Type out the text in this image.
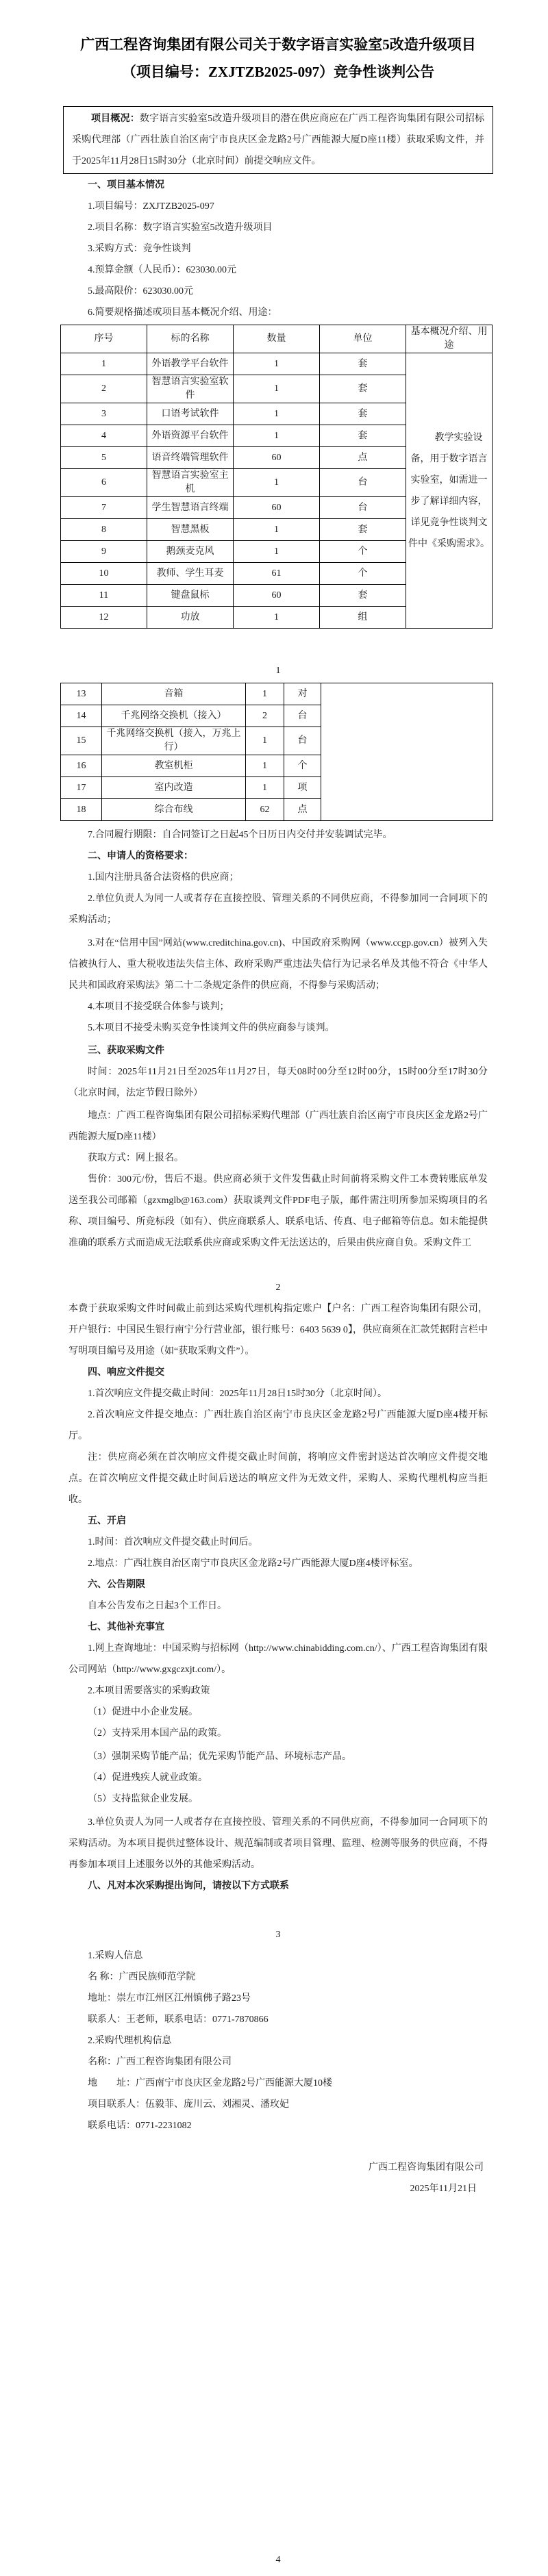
广西工程咨询集团有限公司关于数字语言实验室5改造升级项目
（项目编号：ZXJTZB2025-097）竞争性谈判公告
项目概况：数字语言实验室5改造升级项目的潜在供应商应在广西工程咨询集团有限公司招标采购代理部（广西壮族自治区南宁市良庆区金龙路2号广西能源大厦D座11楼）获取采购文件，并于2025年11月28日15时30分（北京时间）前提交响应文件。
一、项目基本情况
1.项目编号：ZXJTZB2025-097
2.项目名称：数字语言实验室5改造升级项目
3.采购方式：竞争性谈判
4.预算金额（人民币）：623030.00元
5.最高限价：623030.00元
6.简要规格描述或项目基本概况介绍、用途：
序号	标的名称	数量	单位	基本概况介绍、用途
1	外语教学平台软件	1	套	教学实验设备，用于数字语言实验室，如需进一步了解详细内容，详见竞争性谈判文件中《采购需求》。
2	智慧语言实验室软件	1	套	
3	口语考试软件	1	套	
4	外语资源平台软件	1	套	
5	语音终端管理软件	60	点	
6	智慧语言实验室主机	1	台	
7	学生智慧语言终端	60	台	
8	智慧黑板	1	套	
9	鹅颈麦克风	1	个	
10	教师、学生耳麦	61	个	
11	键盘鼠标	60	套	
12	功放	1	组	
1
13	音箱	1	对	
14	千兆网络交换机（接入）	2	台	
15	千兆网络交换机（接入，万兆上行）	1	台	
16	教室机柜	1	个	
17	室内改造	1	项	
18	综合布线	62	点	
7.合同履行期限：自合同签订之日起45个日历日内交付并安装调试完毕。
二、申请人的资格要求：
1.国内注册具备合法资格的供应商；
2.单位负责人为同一人或者存在直接控股、管理关系的不同供应商，不得参加同一合同项下的采购活动；
3.对在“信用中国”网站(www.creditchina.gov.cn)、中国政府采购网（www.ccgp.gov.cn）被列入失信被执行人、重大税收违法失信主体、政府采购严重违法失信行为记录名单及其他不符合《中华人民共和国政府采购法》第二十二条规定条件的供应商，不得参与采购活动；
4.本项目不接受联合体参与谈判；
5.本项目不接受未购买竞争性谈判文件的供应商参与谈判。
三、获取采购文件
时间：2025年11月21日至2025年11月27日，每天08时00分至12时00分，15时00分至17时30分（北京时间，法定节假日除外）
地点：广西工程咨询集团有限公司招标采购代理部（广西壮族自治区南宁市良庆区金龙路2号广西能源大厦D座11楼）
获取方式：网上报名。
售价：300元/份，售后不退。供应商必须于文件发售截止时间前将采购文件工本费转账底单发送至我公司邮箱（gzxmglb@163.com）获取谈判文件PDF电子版，邮件需注明所参加采购项目的名称、项目编号、所竞标段（如有）、供应商联系人、联系电话、传真、电子邮箱等信息。如未能提供准确的联系方式而造成无法联系供应商或采购文件无法送达的，后果由供应商自负。采购文件工
2
本费于获取采购文件时间截止前到达采购代理机构指定账户【户名：广西工程咨询集团有限公司，开户银行：中国民生银行南宁分行营业部，银行账号：6403 5639 0】，供应商须在汇款凭据附言栏中写明项目编号及用途（如“获取采购文件”）。
四、响应文件提交
1.首次响应文件提交截止时间：2025年11月28日15时30分（北京时间）。
2.首次响应文件提交地点：广西壮族自治区南宁市良庆区金龙路2号广西能源大厦D座4楼开标厅。
注：供应商必须在首次响应文件提交截止时间前，将响应文件密封送达首次响应文件提交地点。在首次响应文件提交截止时间后送达的响应文件为无效文件，采购人、采购代理机构应当拒收。
五、开启
1.时间：首次响应文件提交截止时间后。
2.地点：广西壮族自治区南宁市良庆区金龙路2号广西能源大厦D座4楼评标室。
六、公告期限
自本公告发布之日起3个工作日。
七、其他补充事宜
1.网上查询地址：中国采购与招标网（http://www.chinabidding.com.cn/）、广西工程咨询集团有限公司网站（http://www.gxgczxjt.com/）。
2.本项目需要落实的采购政策
（1）促进中小企业发展。
（2）支持采用本国产品的政策。
（3）强制采购节能产品；优先采购节能产品、环境标志产品。
（4）促进残疾人就业政策。
（5）支持监狱企业发展。
3.单位负责人为同一人或者存在直接控股、管理关系的不同供应商，不得参加同一合同项下的采购活动。为本项目提供过整体设计、规范编制或者项目管理、监理、检测等服务的供应商，不得再参加本项目上述服务以外的其他采购活动。
八、凡对本次采购提出询问，请按以下方式联系
3
1.采购人信息
名 称：广西民族师范学院
地址：崇左市江州区江州镇佛子路23号
联系人：王老师，联系电话：0771-7870866
2.采购代理机构信息
名称：广西工程咨询集团有限公司
地　　址：广西南宁市良庆区金龙路2号广西能源大厦10楼
项目联系人：伍毅菲、庞川云、刘湘灵、潘玫妃
联系电话：0771-2231082
广西工程咨询集团有限公司
2025年11月21日
4
